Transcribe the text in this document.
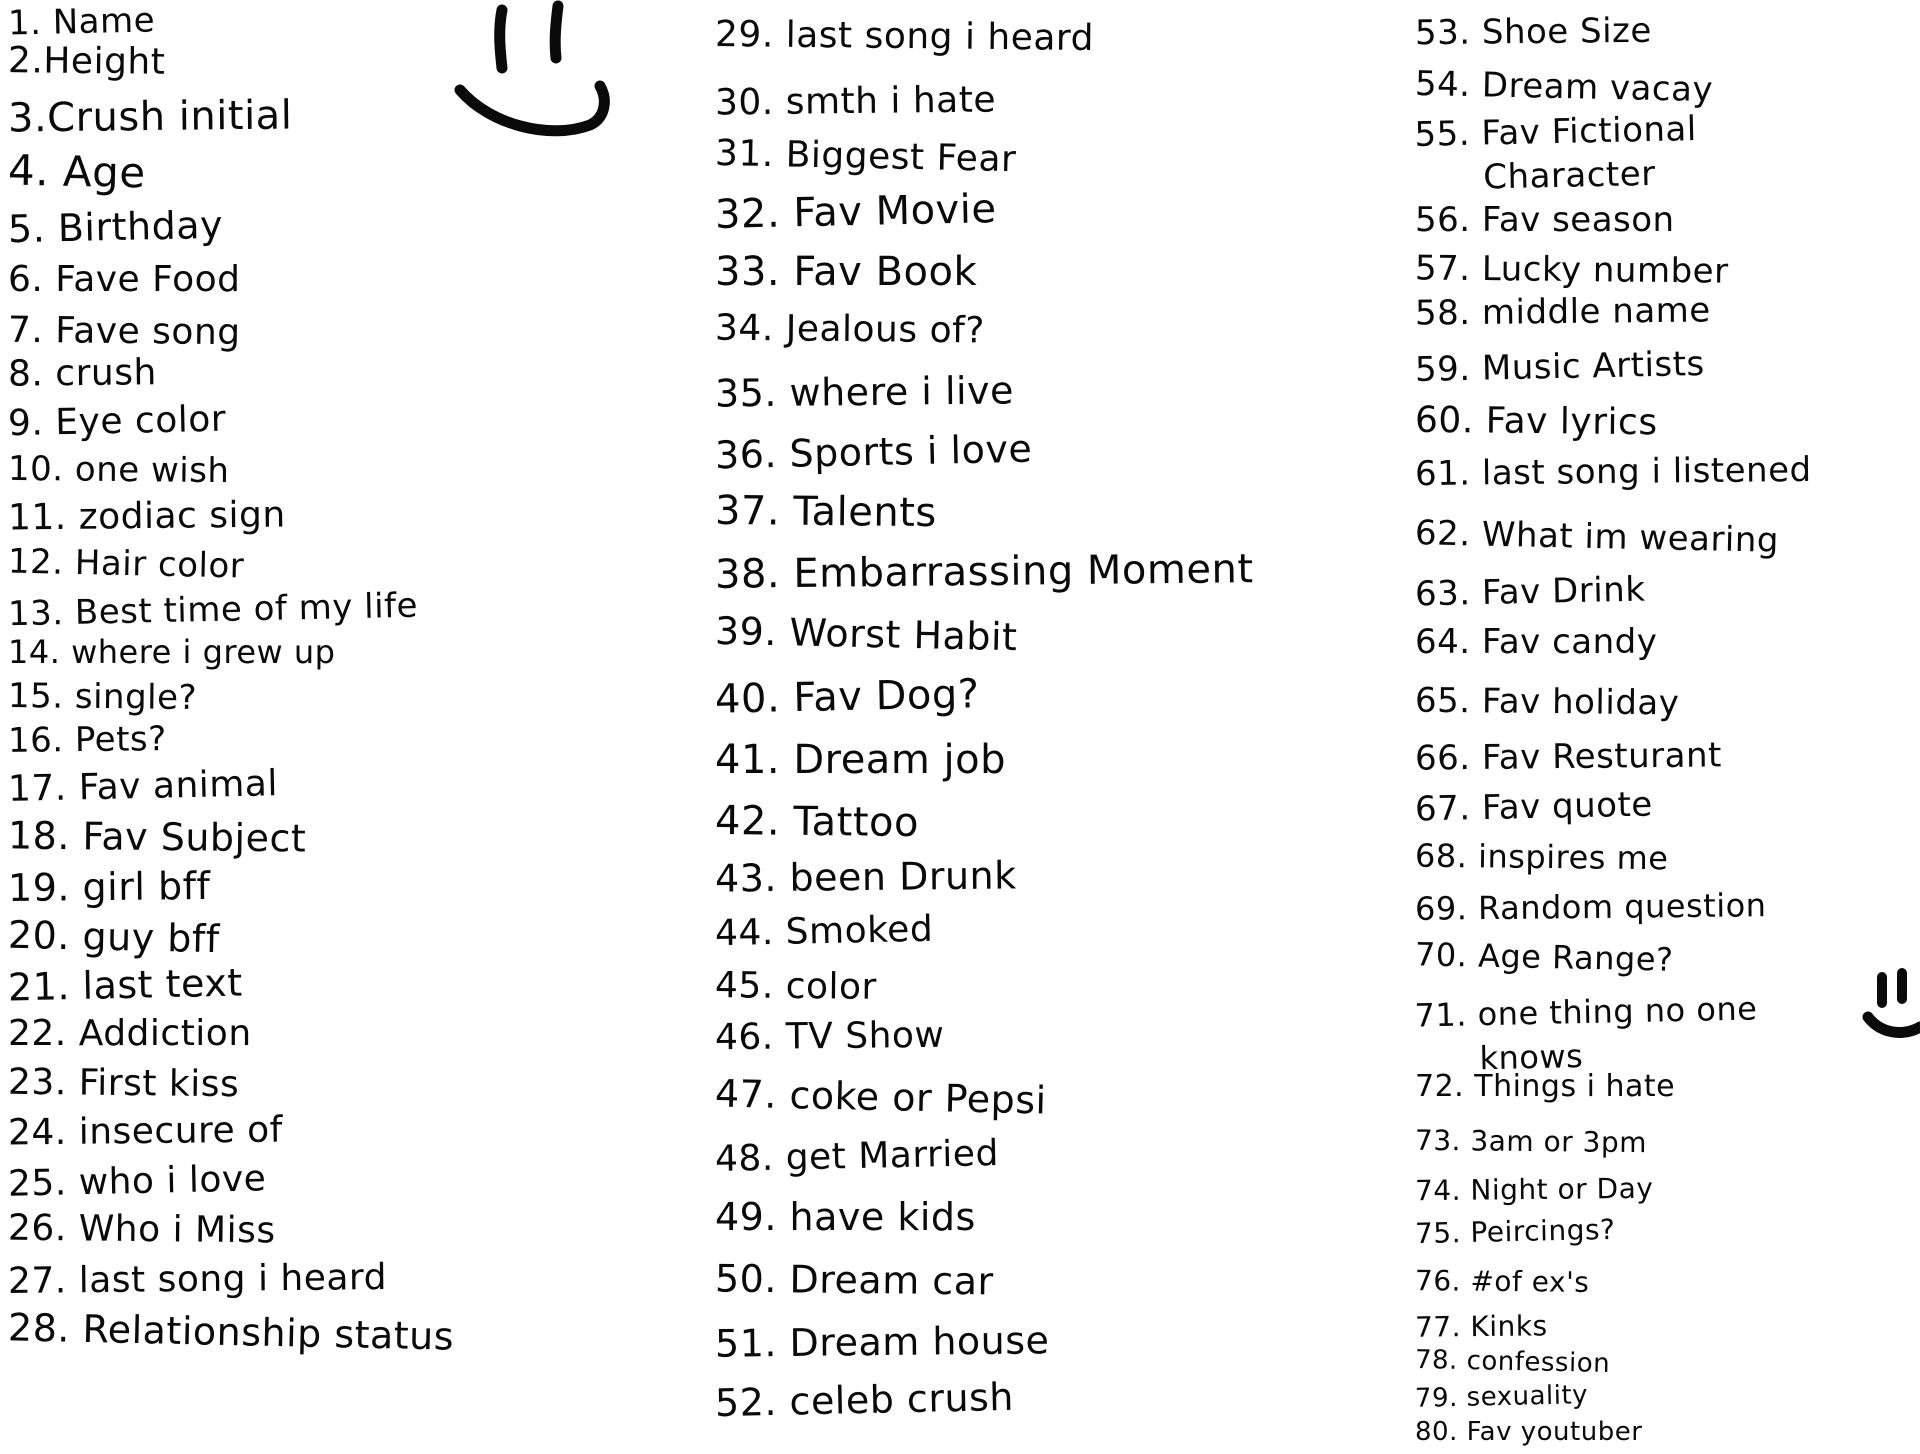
1. Name
2.Height
3.Crush initial
4. Age
5. Birthday
6. Fave Food
7. Fave song
8. crush
9. Eye color
10. one wish
11. zodiac sign
12. Hair color
13. Best time of my life
14. where i grew up
15. single?
16. Pets?
17. Fav animal
18. Fav Subject
19. girl bff
20. guy bff
21. last text
22. Addiction
23. First kiss
24. insecure of
25. who i love
26. Who i Miss
27. last song i heard
28. Relationship status
29. last song i heard
30. smth i hate
31. Biggest Fear
32. Fav Movie
33. Fav Book
34. Jealous of?
35. where i live
36. Sports i love
37. Talents
38. Embarrassing Moment
39. Worst Habit
40. Fav Dog?
41. Dream job
42. Tattoo
43. been Drunk
44. Smoked
45. color
46. TV Show
47. coke or Pepsi
48. get Married
49. have kids
50. Dream car
51. Dream house
52. celeb crush
53. Shoe Size
54. Dream vacay
55. Fav Fictional
Character
56. Fav season
57. Lucky number
58. middle name
59. Music Artists
60. Fav lyrics
61. last song i listened
62. What im wearing
63. Fav Drink
64. Fav candy
65. Fav holiday
66. Fav Resturant
67. Fav quote
68. inspires me
69. Random question
70. Age Range?
71. one thing no one
knows
72. Things i hate
73. 3am or 3pm
74. Night or Day
75. Peircings?
76. #of ex's
77. Kinks
78. confession
79. sexuality
80. Fav youtuber
